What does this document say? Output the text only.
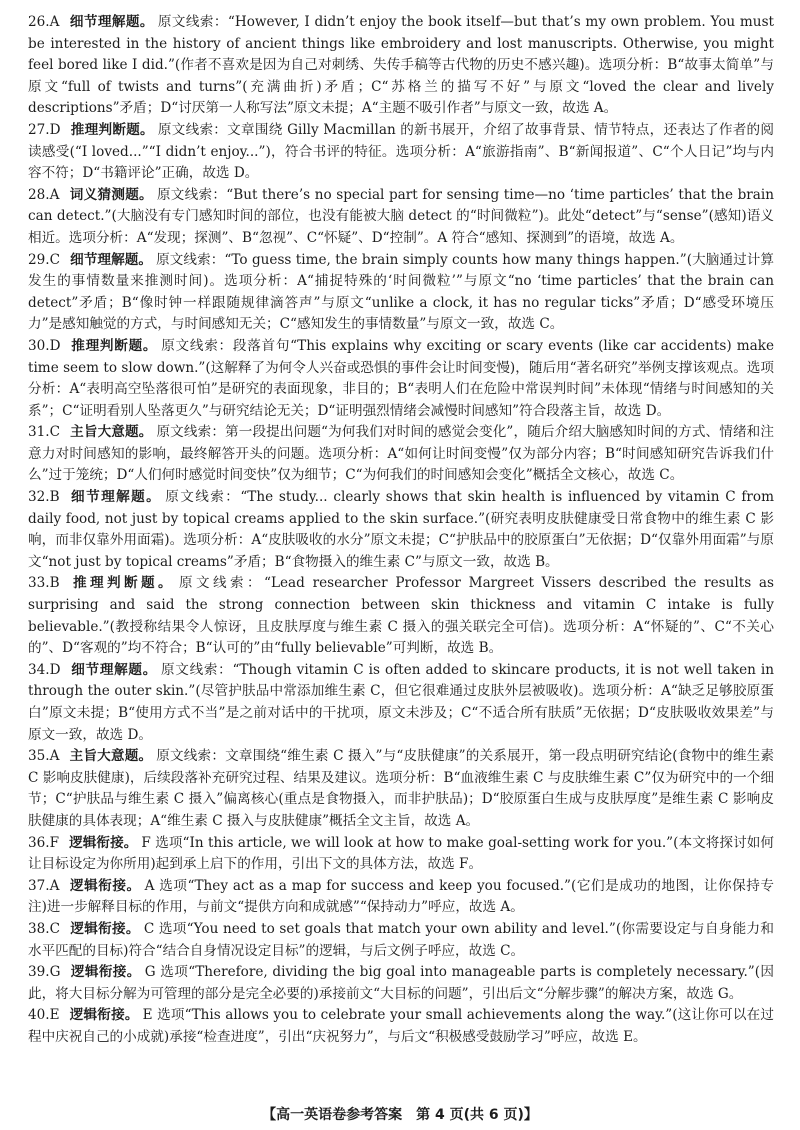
26.A 细节理解题。 原文线索：“However, I didn’t enjoy the book itself—but that’s my own problem. You must be interested in the history of ancient things like embroidery and lost manuscripts. Otherwise, you might feel bored like I did.”(作者不喜欢是因为自己对刺绣、失传手稿等古代物的历史不感兴趣)。选项分析：B“故事太简单”与原文“full of twists and turns”(充满曲折)矛盾；C“苏格兰的描写不好”与原文“loved the clear and lively descriptions”矛盾；D“讨厌第一人称写法”原文未提；A“主题不吸引作者”与原文一致，故选 A。
27.D 推理判断题。 原文线索：文章围绕 Gilly Macmillan 的新书展开，介绍了故事背景、情节特点，还表达了作者的阅读感受(“I loved...”“I didn’t enjoy...”)，符合书评的特征。选项分析：A“旅游指南”、B“新闻报道”、C“个人日记”均与内容不符；D“书籍评论”正确，故选 D。
28.A 词义猜测题。 原文线索：“But there’s no special part for sensing time—no ‘time particles’ that the brain can detect.”(大脑没有专门感知时间的部位，也没有能被大脑 detect 的“时间微粒”)。此处“detect”与“sense”(感知)语义相近。选项分析：A“发现；探测”、B“忽视”、C“怀疑”、D“控制”。A 符合“感知、探测到”的语境，故选 A。
29.C 细节理解题。 原文线索：“To guess time, the brain simply counts how many things happen.”(大脑通过计算发生的事情数量来推测时间)。选项分析：A“捕捉特殊的‘时间微粒’”与原文“no ‘time particles’ that the brain can detect”矛盾；B“像时钟一样跟随规律滴答声”与原文“unlike a clock, it has no regular ticks”矛盾；D“感受环境压力”是感知触觉的方式，与时间感知无关；C“感知发生的事情数量”与原文一致，故选 C。
30.D 推理判断题。 原文线索：段落首句“This explains why exciting or scary events (like car accidents) make time seem to slow down.”(这解释了为何令人兴奋或恐惧的事件会让时间变慢)，随后用“著名研究”举例支撑该观点。选项分析：A“表明高空坠落很可怕”是研究的表面现象，非目的；B“表明人们在危险中常误判时间”未体现“情绪与时间感知的关系”；C“证明看别人坠落更久”与研究结论无关；D“证明强烈情绪会减慢时间感知”符合段落主旨，故选 D。
31.C 主旨大意题。 原文线索：第一段提出问题“为何我们对时间的感觉会变化”，随后介绍大脑感知时间的方式、情绪和注意力对时间感知的影响，最终解答开头的问题。选项分析：A“如何让时间变慢”仅为部分内容；B“时间感知研究告诉我们什么”过于笼统；D“人们何时感觉时间变快”仅为细节；C“为何我们的时间感知会变化”概括全文核心，故选 C。
32.B 细节理解题。 原文线索：“The study... clearly shows that skin health is influenced by vitamin C from daily food, not just by topical creams applied to the skin surface.”(研究表明皮肤健康受日常食物中的维生素 C 影响，而非仅靠外用面霜)。选项分析：A“皮肤吸收的水分”原文未提；C“护肤品中的胶原蛋白”无依据；D“仅靠外用面霜”与原文“not just by topical creams”矛盾；B“食物摄入的维生素 C”与原文一致，故选 B。
33.B 推理判断题。 原文线索：“Lead researcher Professor Margreet Vissers described the results as surprising and said the strong connection between skin thickness and vitamin C intake is fully believable.”(教授称结果令人惊讶，且皮肤厚度与维生素 C 摄入的强关联完全可信)。选项分析：A“怀疑的”、C“不关心的”、D“客观的”均不符合；B“认可的”由“fully believable”可判断，故选 B。
34.D 细节理解题。 原文线索：“Though vitamin C is often added to skincare products, it is not well taken in through the outer skin.”(尽管护肤品中常添加维生素 C，但它很难通过皮肤外层被吸收)。选项分析：A“缺乏足够胶原蛋白”原文未提；B“使用方式不当”是之前对话中的干扰项，原文未涉及；C“不适合所有肤质”无依据；D“皮肤吸收效果差”与原文一致，故选 D。
35.A 主旨大意题。 原文线索：文章围绕“维生素 C 摄入”与“皮肤健康”的关系展开，第一段点明研究结论(食物中的维生素 C 影响皮肤健康)，后续段落补充研究过程、结果及建议。选项分析：B“血液维生素 C 与皮肤维生素 C”仅为研究中的一个细节；C“护肤品与维生素 C 摄入”偏离核心(重点是食物摄入，而非护肤品)；D“胶原蛋白生成与皮肤厚度”是维生素 C 影响皮肤健康的具体表现；A“维生素 C 摄入与皮肤健康”概括全文主旨，故选 A。
36.F 逻辑衔接。 F 选项“In this article, we will look at how to make goal-setting work for you.”(本文将探讨如何让目标设定为你所用)起到承上启下的作用，引出下文的具体方法，故选 F。
37.A 逻辑衔接。 A 选项“They act as a map for success and keep you focused.”(它们是成功的地图，让你保持专注)进一步解释目标的作用，与前文“提供方向和成就感”“保持动力”呼应，故选 A。
38.C 逻辑衔接。 C 选项“You need to set goals that match your own ability and level.”(你需要设定与自身能力和水平匹配的目标)符合“结合自身情况设定目标”的逻辑，与后文例子呼应，故选 C。
39.G 逻辑衔接。 G 选项“Therefore, dividing the big goal into manageable parts is completely necessary.”(因此，将大目标分解为可管理的部分是完全必要的)承接前文“大目标的问题”，引出后文“分解步骤”的解决方案，故选 G。
40.E 逻辑衔接。 E 选项“This allows you to celebrate your small achievements along the way.”(这让你可以在过程中庆祝自己的小成就)承接“检查进度”，引出“庆祝努力”，与后文“积极感受鼓励学习”呼应，故选 E。
【高一英语卷参考答案　第 4 页(共 6 页)】
